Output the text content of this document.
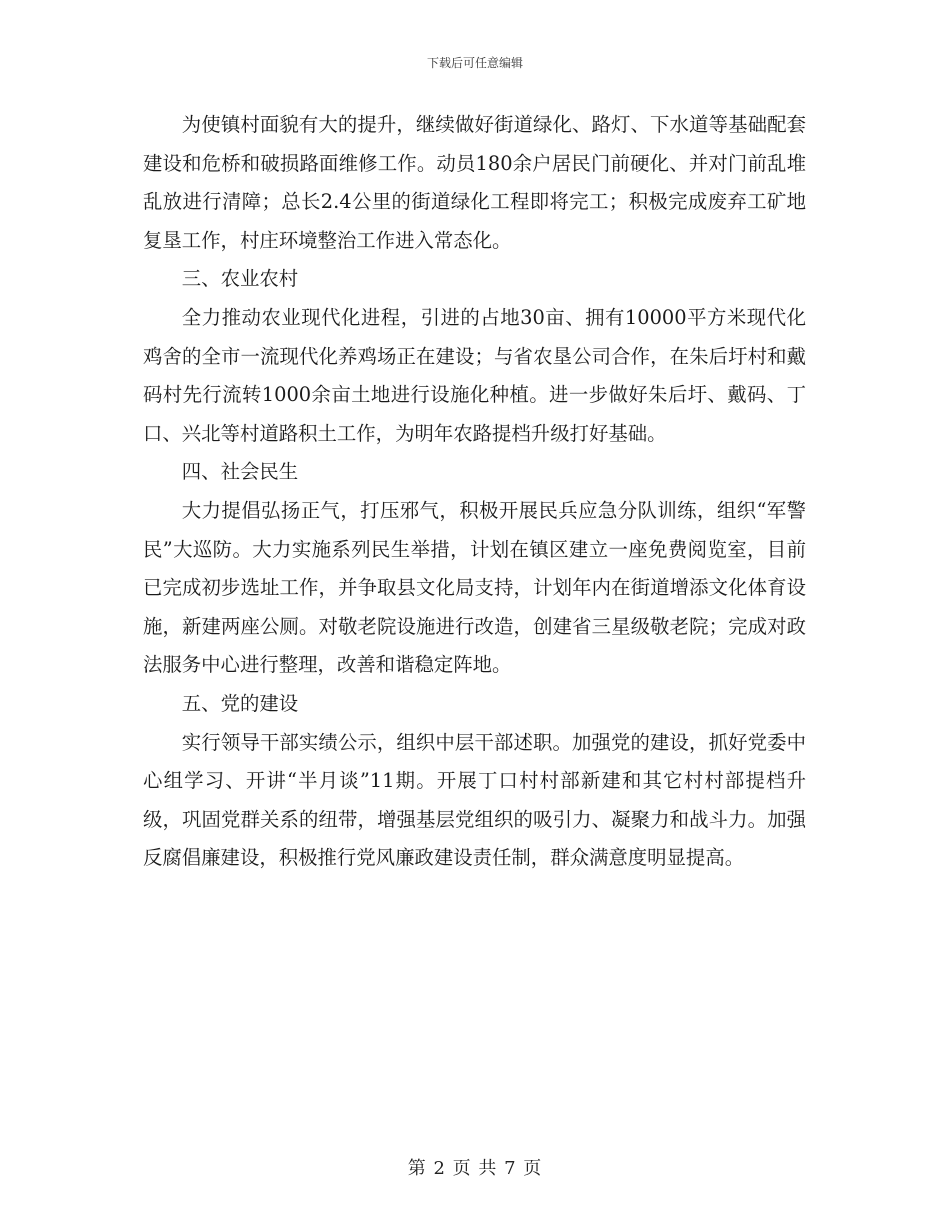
下载后可任意编辑

为使镇村面貌有大的提升，继续做好街道绿化、路灯、下水道等基础配套建设和危桥和破损路面维修工作。动员180余户居民门前硬化、并对门前乱堆乱放进行清障；总长2.4公里的街道绿化工程即将完工；积极完成废弃工矿地复垦工作，村庄环境整治工作进入常态化。

三、农业农村

全力推动农业现代化进程，引进的占地30亩、拥有10000平方米现代化鸡舍的全市一流现代化养鸡场正在建设；与省农垦公司合作，在朱后圩村和戴码村先行流转1000余亩土地进行设施化种植。进一步做好朱后圩、戴码、丁口、兴北等村道路积土工作，为明年农路提档升级打好基础。

四、社会民生

大力提倡弘扬正气，打压邪气，积极开展民兵应急分队训练，组织“军警民”大巡防。大力实施系列民生举措，计划在镇区建立一座免费阅览室，目前已完成初步选址工作，并争取县文化局支持，计划年内在街道增添文化体育设施，新建两座公厕。对敬老院设施进行改造，创建省三星级敬老院；完成对政法服务中心进行整理，改善和谐稳定阵地。

五、党的建设

实行领导干部实绩公示，组织中层干部述职。加强党的建设，抓好党委中心组学习、开讲“半月谈”11期。开展丁口村村部新建和其它村村部提档升级，巩固党群关系的纽带，增强基层党组织的吸引力、凝聚力和战斗力。加强反腐倡廉建设，积极推行党风廉政建设责任制，群众满意度明显提高。

第 2 页 共 7 页
